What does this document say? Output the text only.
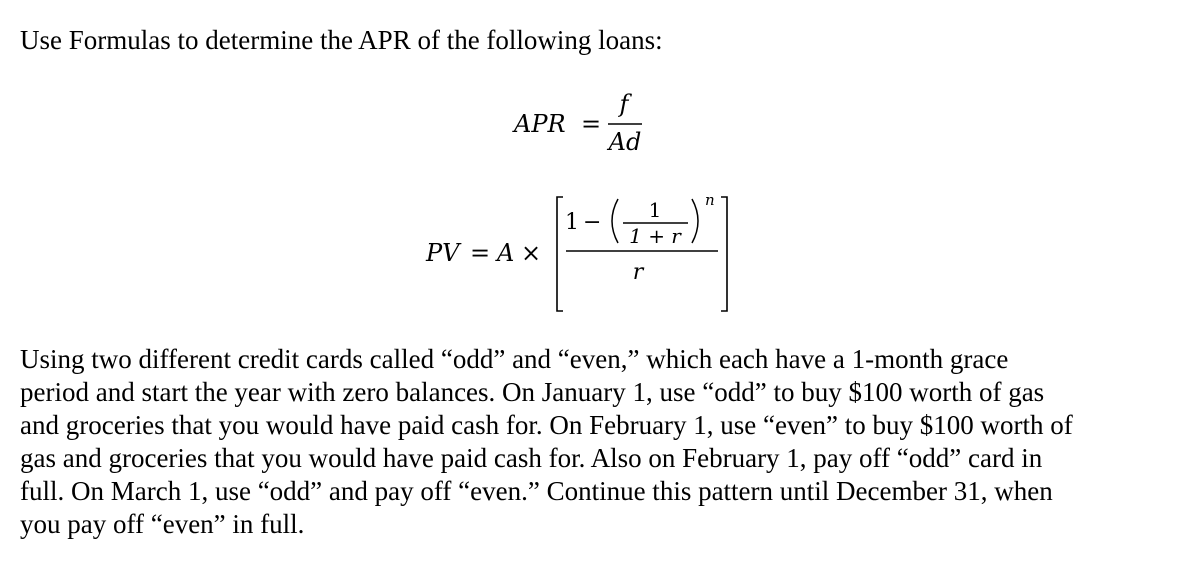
Use Formulas to determine the APR of the following loans:

APR =
f
Ad
PV = A ×
1 − 1
1 + r
n
r

Using two different credit cards called “odd” and “even,” which each have a 1-month grace
period and start the year with zero balances. On January 1, use “odd” to buy $100 worth of gas
and groceries that you would have paid cash for. On February 1, use “even” to buy $100 worth of
gas and groceries that you would have paid cash for. Also on February 1, pay off “odd” card in
full. On March 1, use “odd” and pay off “even.” Continue this pattern until December 31, when
you pay off “even” in full.
